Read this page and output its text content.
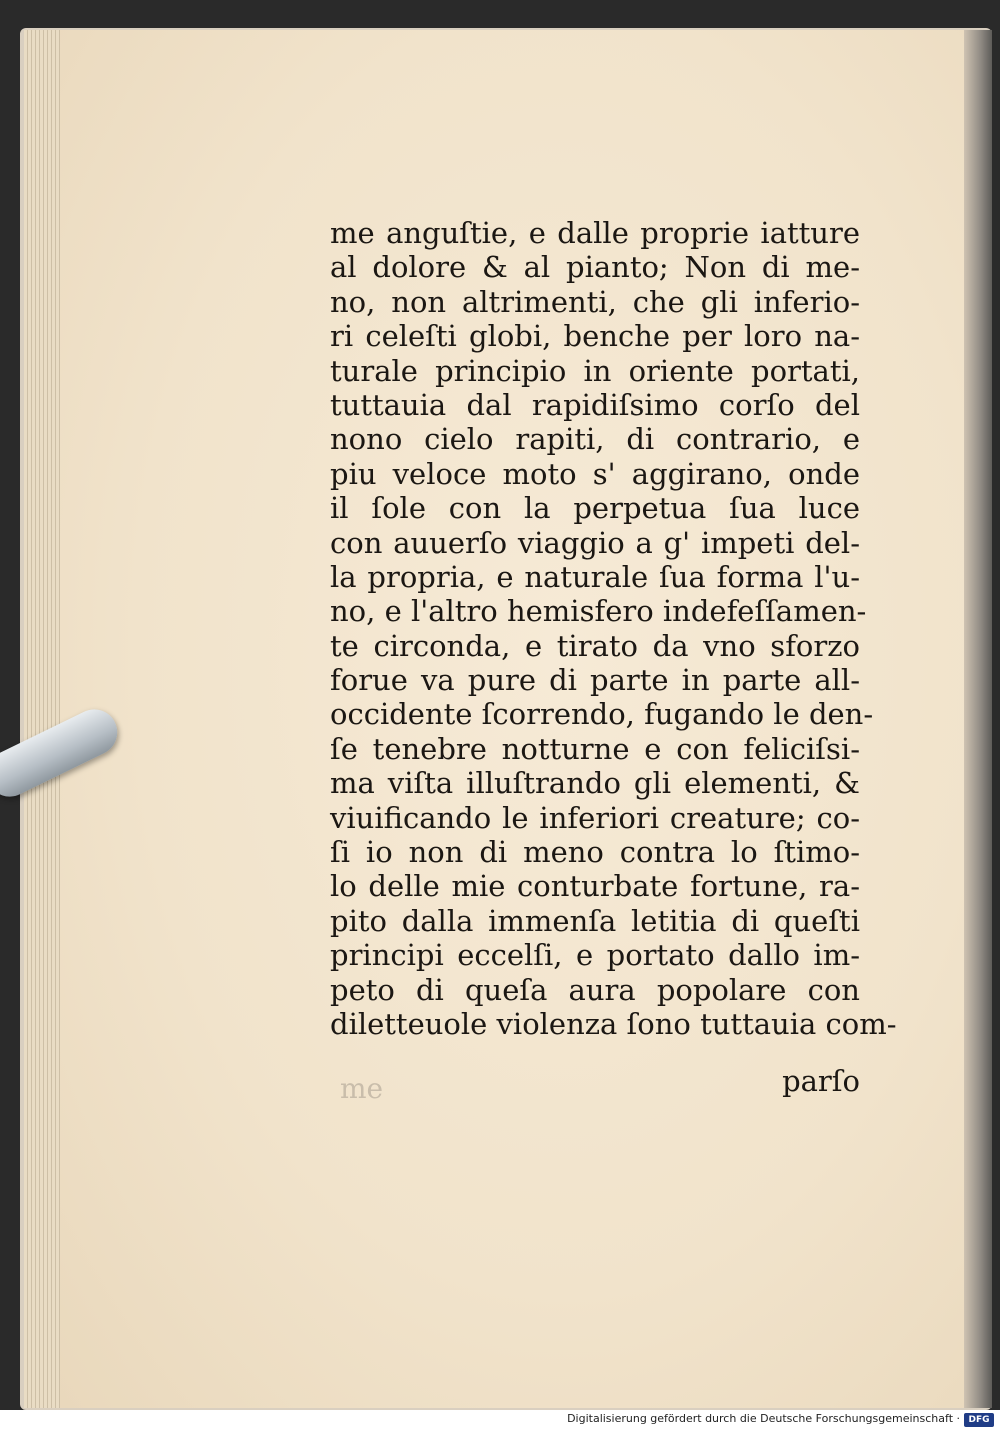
me anguſtie, e dalle proprie iatture
al dolore & al pianto; Non di me-
no, non altrimenti, che gli inferio-
ri celeſti globi, benche per loro na-
turale principio in oriente portati,
tuttauia dal rapidiſsimo corſo del
nono cielo rapiti, di contrario, e
piu veloce moto s' aggirano, onde
il ſole con la perpetua ſua luce
con auuerſo viaggio a g' impeti del-
la propria, e naturale ſua forma l'u-
no, e l'altro hemisfero indefeſſamen-
te circonda, e tirato da vno sforzo
forue va pure di parte in parte all-
occidente ſcorrendo, fugando le den-
ſe tenebre notturne e con feliciſsi-
ma viſta illuſtrando gli elementi, &
viuificando le inferiori creature; co-
ſi io non di meno contra lo ſtimo-
lo delle mie conturbate fortune, ra-
pito dalla immenſa letitia di queſti
principi eccelſi, e portato dallo im-
peto di queſa aura popolare con
diletteuole violenza ſono tuttauia com-
me	parſo
Digitalisierung gefördert durch die Deutsche Forschungsgemeinschaft · DFG
